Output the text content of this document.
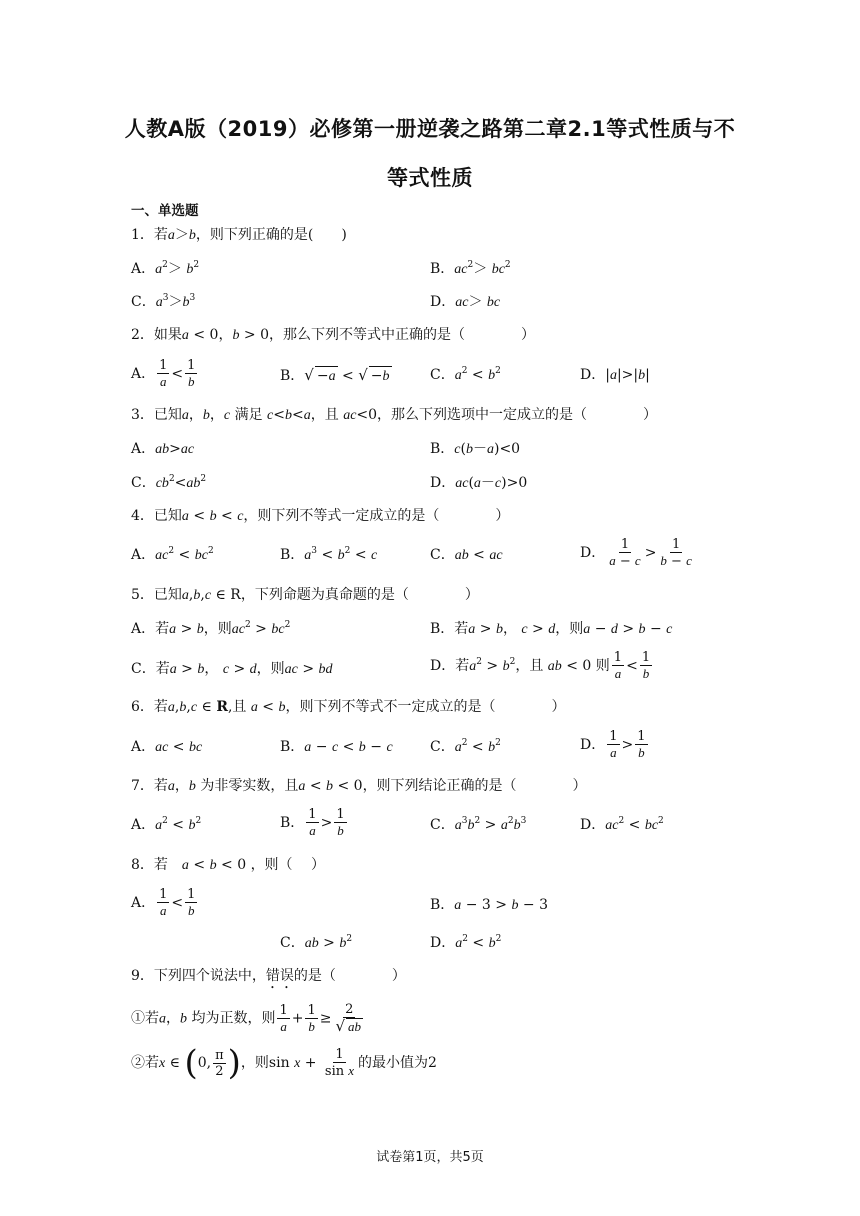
人教A版（2019）必修第一册逆袭之路第二章2.1等式性质与不
等式性质
一、单选题
1．若a＞b，则下列正确的是(　　)
A．$a^2> b^2$	B．$ac^2> bc^2$
C．$a^3>b^3$	D．ac＞ bc
2．如果a < 0，b > 0，那么下列不等式中正确的是（　　　　）
A． $\frac{1}{a} < \frac{1}{b}$	B．√ −a < √ −b	C．$a^2 < b^2$	D．|a|>|b|
3．已知a，b，c 满足 c<b<a，且 ac<0，那么下列选项中一定成立的是（　　　　）
A．ab>ac	B．c(b－a)<0
C．$cb^2<ab^2$	D．ac(a－c)>0
4．已知a < b < c，则下列不等式一定成立的是（　　　　）
A．$ac^2 < bc^2$	B．$a^3 < b^2 < c$	C．ab < ac	D． $\frac{1}{a - c} > \frac{1}{b - c}$
5．已知a,b,c ∈ R，下列命题为真命题的是（　　　　）
A．若a > b，则$ac^2 > bc^2$	B．若a > b， c > d，则a − d > b − c
C．若a > b， c > d，则ac > bd	D．若$a^2 > b^2$，且 ab < 0 则 $\frac{1}{a} < \frac{1}{b}$
6．若a,b,c ∈ R,且 a < b，则下列不等式不一定成立的是（　　　　）
A．ac < bc	B．a − c < b − c	C．$a^2 < b^2$	D． $\frac{1}{a} > \frac{1}{b}$
7．若a，b 为非零实数，且a < b < 0，则下列结论正确的是（　　　　）
A．$a^2 < b^2$	B． $\frac{1}{a} > \frac{1}{b}$	C．$a^3b^2 > a^2b^3$	D．$ac^2 < bc^2$
8．若　 a < b < 0 ，则（　 ）
A． $\frac{1}{a} < \frac{1}{b}$	B．a − 3 > b − 3
C．ab > $b^2$	D．$a^2 < b^2$
9．下列四个说法中，错误的是（　　　　）
①若a，b 均为正数，则 $\frac{1}{a} + \frac{1}{b} \ge \frac{2}{√ ab}$
②若x ∈ (0, $\frac{\pi}{2}$ )，则$\sin x + \frac{1}{\text{sin x}}$ 的最小值为2
试卷第1页，共5页
